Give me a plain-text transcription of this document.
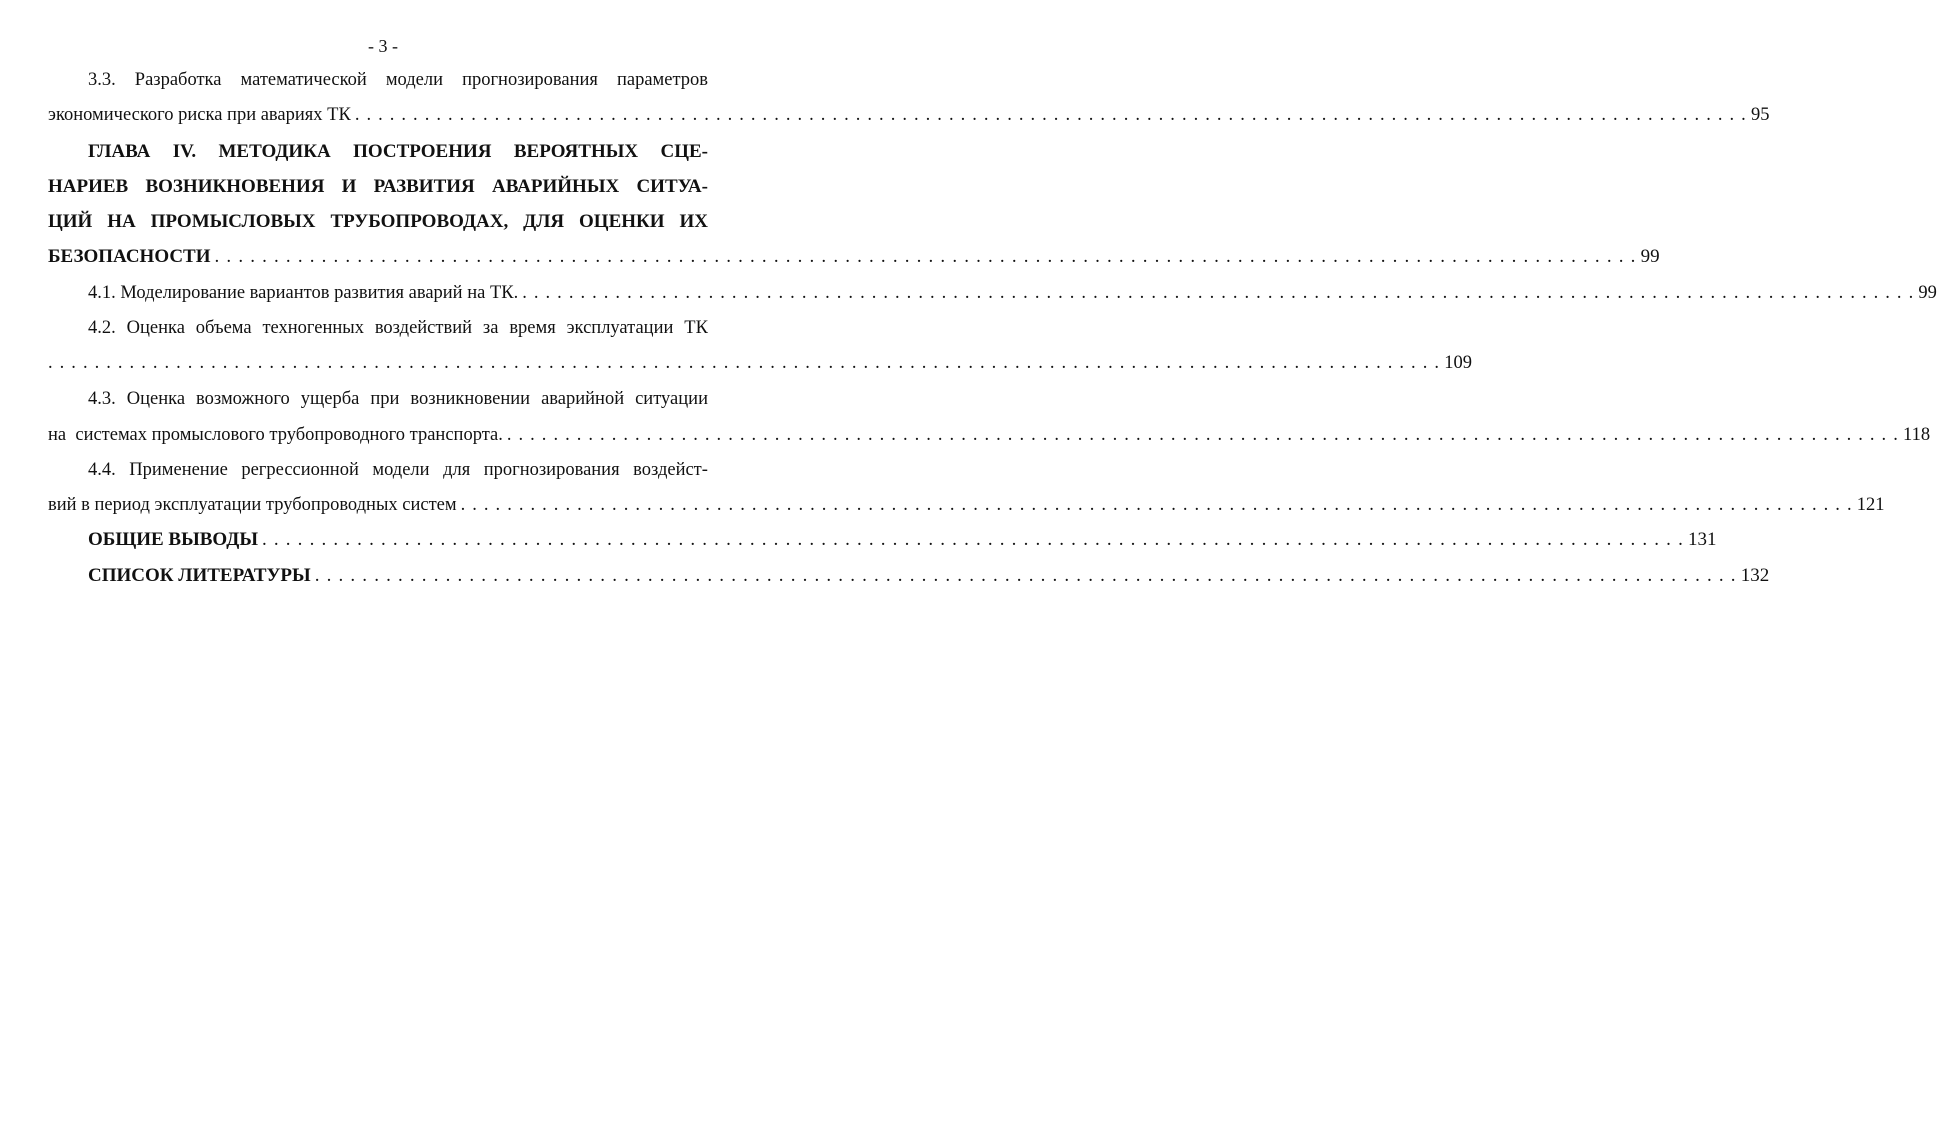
- 3 -
3.3. Разработка математической модели прогнозирования параметров
экономического риска при авариях ТК . . . . . . . . . . . . . . . . . . . . . . . . . . . . . . . . . . . . . . . . . . . . . . . . . . . . . . . . . . . . . . . . . . . . . . . . . . . . . . . . . . . . . . . . . . . . . . . . . . . . . . . . . . . . . . . . . . . . . . . . 95
ГЛАВА IV. МЕТОДИКА ПОСТРОЕНИЯ ВЕРОЯТНЫХ СЦЕ-
НАРИЕВ ВОЗНИКНОВЕНИЯ И РАЗВИТИЯ АВАРИЙНЫХ СИТУА-
ЦИЙ НА ПРОМЫСЛОВЫХ ТРУБОПРОВОДАХ, ДЛЯ ОЦЕНКИ ИХ
БЕЗОПАСНОСТИ . . . . . . . . . . . . . . . . . . . . . . . . . . . . . . . . . . . . . . . . . . . . . . . . . . . . . . . . . . . . . . . . . . . . . . . . . . . . . . . . . . . . . . . . . . . . . . . . . . . . . . . . . . . . . . . . . . . . . . . . 99
4.1. Моделирование вариантов развития аварий на ТК. . . . . . . . . . . . . . . . . . . . . . . . . . . . . . . . . . . . . . . . . . . . . . . . . . . . . . . . . . . . . . . . . . . . . . . . . . . . . . . . . . . . . . . . . . . . . . . . . . . . . . . . . . . . . . . . . . . . . . . . . 99
4.2. Оценка объема техногенных воздействий за время эксплуатации ТК
. . . . . . . . . . . . . . . . . . . . . . . . . . . . . . . . . . . . . . . . . . . . . . . . . . . . . . . . . . . . . . . . . . . . . . . . . . . . . . . . . . . . . . . . . . . . . . . . . . . . . . . . . . . . . . . . . . . . . . . . 109
4.3. Оценка возможного ущерба при возникновении аварийной ситуации
на  системах промыслового трубопроводного транспорта. . . . . . . . . . . . . . . . . . . . . . . . . . . . . . . . . . . . . . . . . . . . . . . . . . . . . . . . . . . . . . . . . . . . . . . . . . . . . . . . . . . . . . . . . . . . . . . . . . . . . . . . . . . . . . . . . . . . . . . . . 118
4.4. Применение регрессионной модели для прогнозирования воздейст-
вий в период эксплуатации трубопроводных систем . . . . . . . . . . . . . . . . . . . . . . . . . . . . . . . . . . . . . . . . . . . . . . . . . . . . . . . . . . . . . . . . . . . . . . . . . . . . . . . . . . . . . . . . . . . . . . . . . . . . . . . . . . . . . . . . . . . . . . . . 121
ОБЩИЕ ВЫВОДЫ . . . . . . . . . . . . . . . . . . . . . . . . . . . . . . . . . . . . . . . . . . . . . . . . . . . . . . . . . . . . . . . . . . . . . . . . . . . . . . . . . . . . . . . . . . . . . . . . . . . . . . . . . . . . . . . . . . . . . . . . 131
СПИСОК ЛИТЕРАТУРЫ . . . . . . . . . . . . . . . . . . . . . . . . . . . . . . . . . . . . . . . . . . . . . . . . . . . . . . . . . . . . . . . . . . . . . . . . . . . . . . . . . . . . . . . . . . . . . . . . . . . . . . . . . . . . . . . . . . . . . . . . 132
